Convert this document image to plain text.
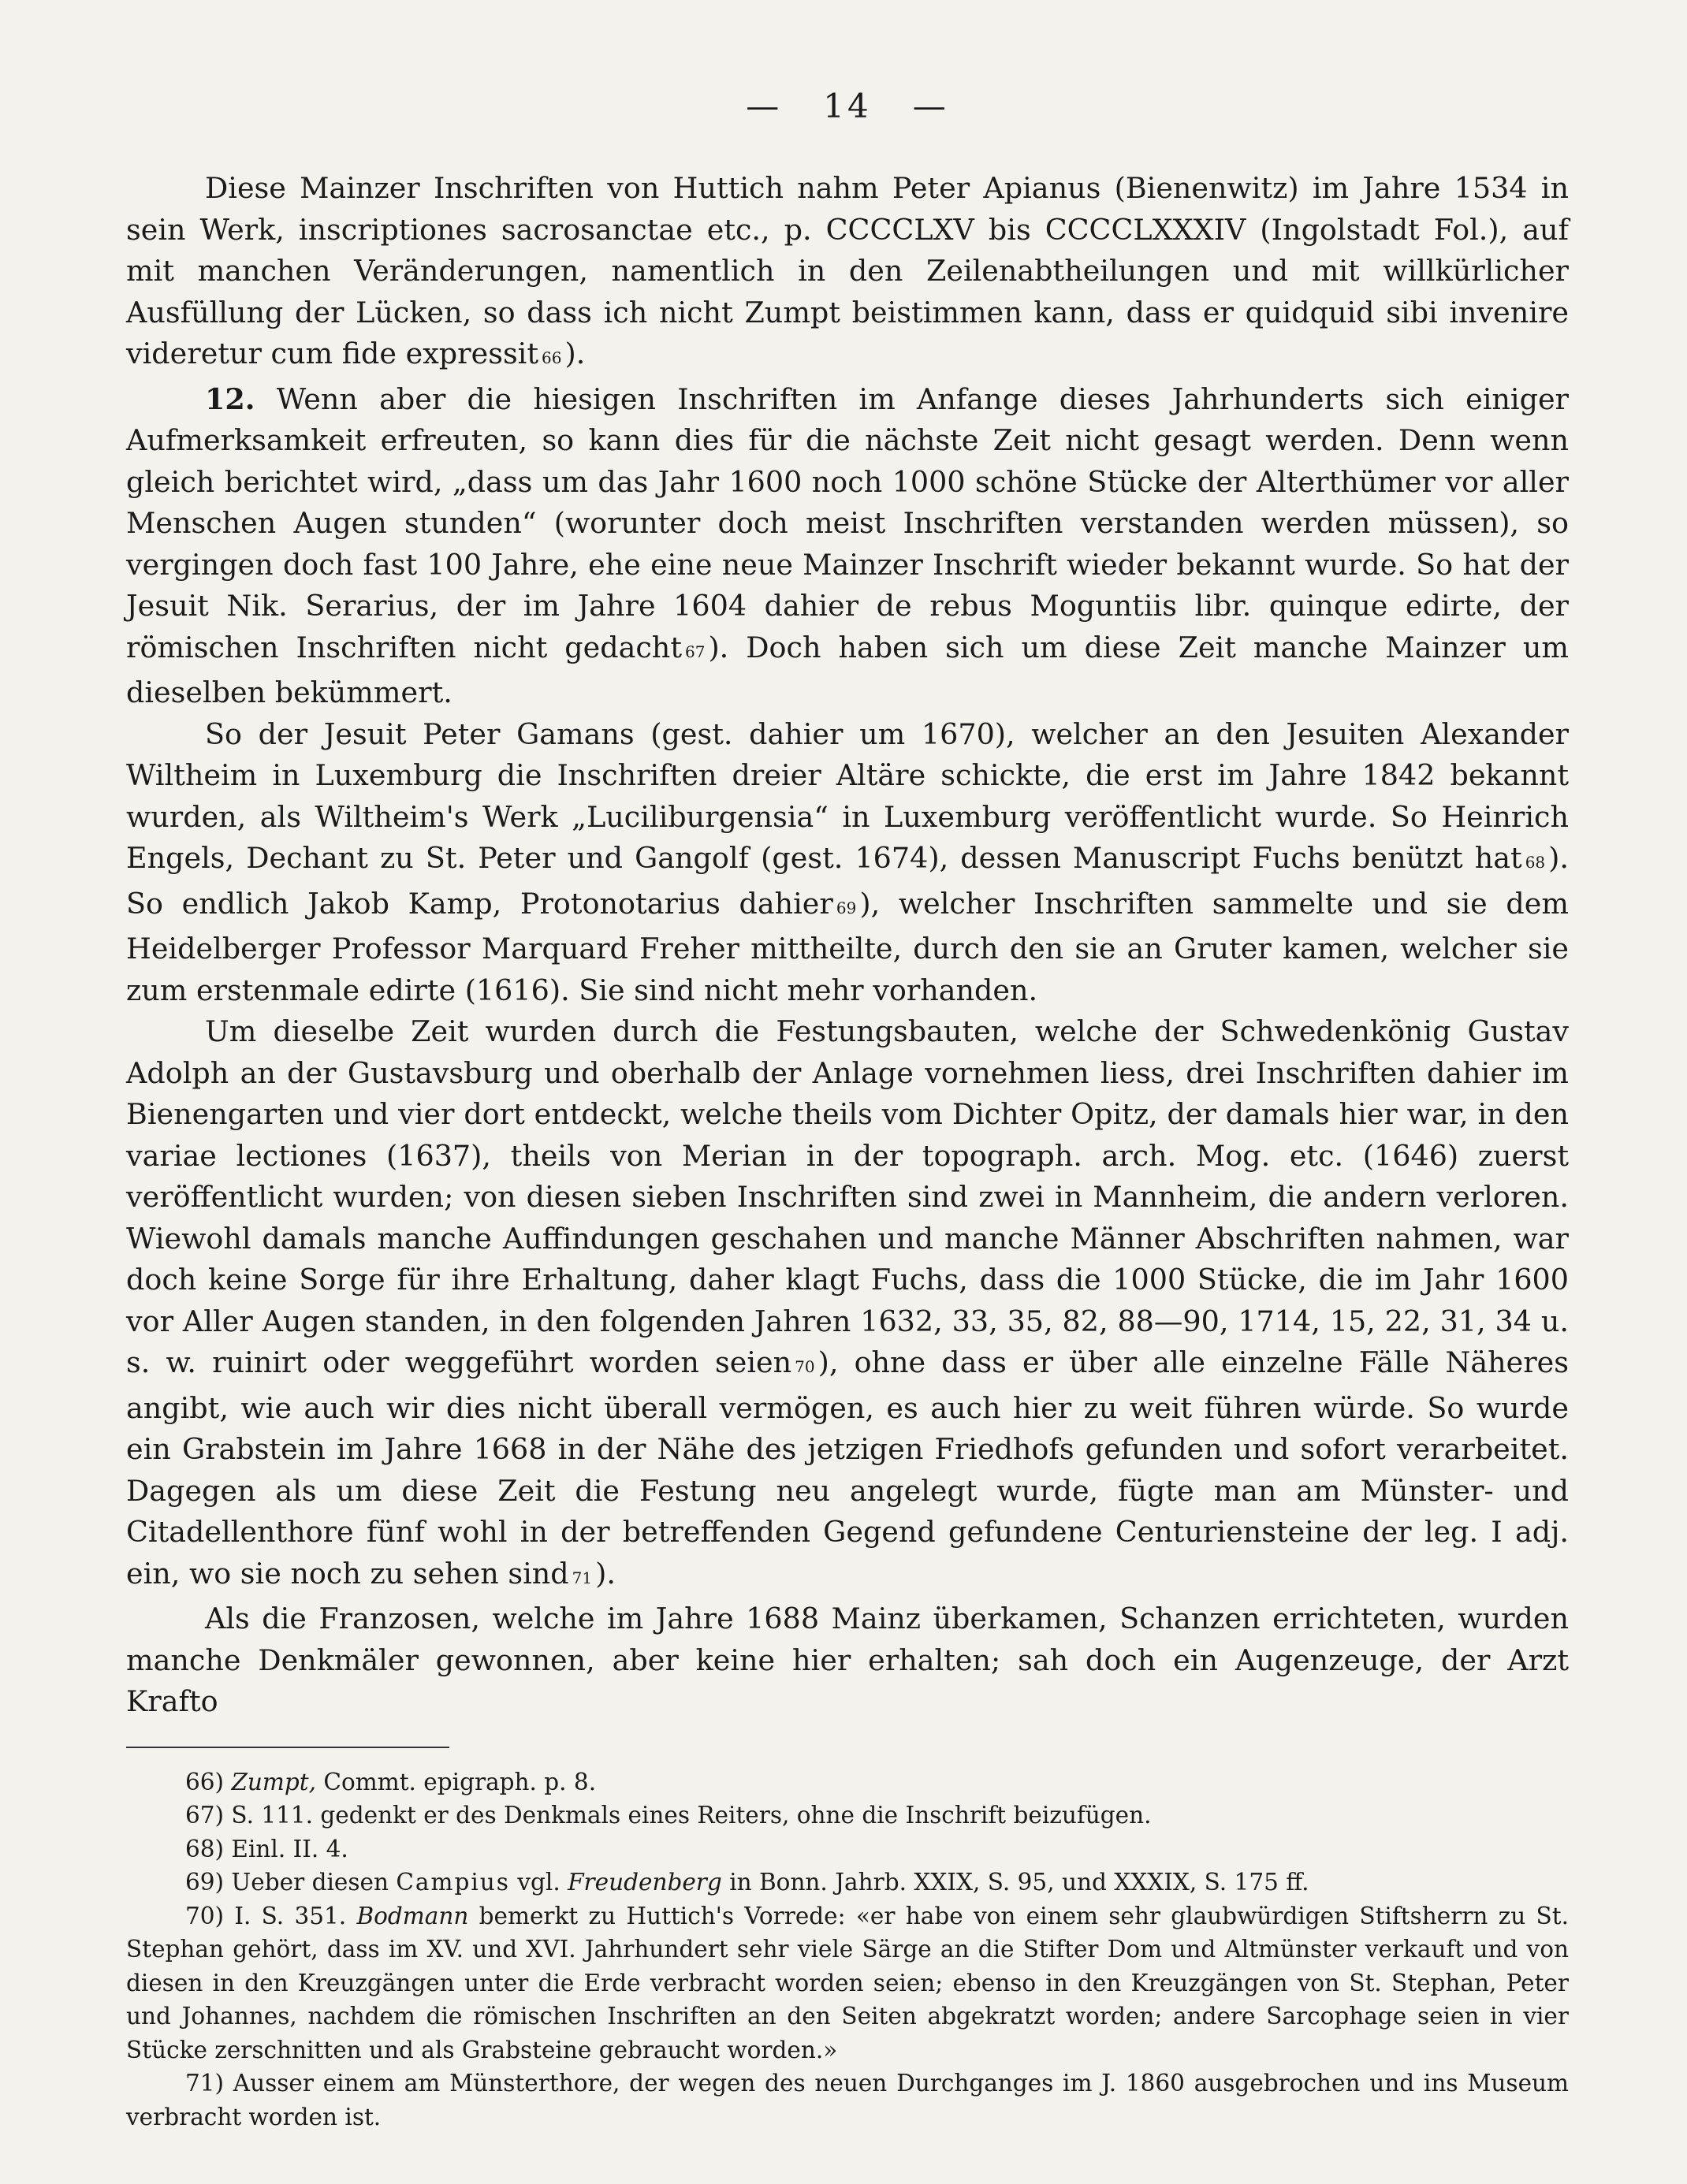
— 14 —

Diese Mainzer Inschriften von Huttich nahm Peter Apianus (Bienenwitz) im Jahre 1534 in sein Werk, inscriptiones sacrosanctae etc., p. CCCCLXV bis CCCCLXXXIV (Ingolstadt Fol.), auf mit manchen Veränderungen, namentlich in den Zeilenabtheilungen und mit willkürlicher Ausfüllung der Lücken, so dass ich nicht Zumpt beistimmen kann, dass er quidquid sibi invenire videretur cum fide expressit 66 ).

12. Wenn aber die hiesigen Inschriften im Anfange dieses Jahrhunderts sich einiger Aufmerksamkeit erfreuten, so kann dies für die nächste Zeit nicht gesagt werden. Denn wenn gleich berichtet wird, „dass um das Jahr 1600 noch 1000 schöne Stücke der Alterthümer vor aller Menschen Augen stunden“ (worunter doch meist Inschriften verstanden werden müssen), so vergingen doch fast 100 Jahre, ehe eine neue Mainzer Inschrift wieder bekannt wurde. So hat der Jesuit Nik. Serarius, der im Jahre 1604 dahier de rebus Moguntiis libr. quinque edirte, der römischen Inschriften nicht gedacht 67 ). Doch haben sich um diese Zeit manche Mainzer um dieselben bekümmert.

So der Jesuit Peter Gamans (gest. dahier um 1670), welcher an den Jesuiten Alexander Wiltheim in Luxemburg die Inschriften dreier Altäre schickte, die erst im Jahre 1842 bekannt wurden, als Wiltheim's Werk „Luciliburgensia“ in Luxemburg veröffentlicht wurde. So Heinrich Engels, Dechant zu St. Peter und Gangolf (gest. 1674), dessen Manuscript Fuchs benützt hat 68 ). So endlich Jakob Kamp, Protonotarius dahier 69 ), welcher Inschriften sammelte und sie dem Heidelberger Professor Marquard Freher mittheilte, durch den sie an Gruter kamen, welcher sie zum erstenmale edirte (1616). Sie sind nicht mehr vorhanden.

Um dieselbe Zeit wurden durch die Festungsbauten, welche der Schwedenkönig Gustav Adolph an der Gustavsburg und oberhalb der Anlage vornehmen liess, drei Inschriften dahier im Bienengarten und vier dort entdeckt, welche theils vom Dichter Opitz, der damals hier war, in den variae lectiones (1637), theils von Merian in der topograph. arch. Mog. etc. (1646) zuerst veröffentlicht wurden; von diesen sieben Inschriften sind zwei in Mannheim, die andern verloren. Wiewohl damals manche Auffindungen geschahen und manche Männer Abschriften nahmen, war doch keine Sorge für ihre Erhaltung, daher klagt Fuchs, dass die 1000 Stücke, die im Jahr 1600 vor Aller Augen standen, in den folgenden Jahren 1632, 33, 35, 82, 88—90, 1714, 15, 22, 31, 34 u. s. w. ruinirt oder weggeführt worden seien 70 ), ohne dass er über alle einzelne Fälle Näheres angibt, wie auch wir dies nicht überall vermögen, es auch hier zu weit führen würde. So wurde ein Grabstein im Jahre 1668 in der Nähe des jetzigen Friedhofs gefunden und sofort verarbeitet. Dagegen als um diese Zeit die Festung neu angelegt wurde, fügte man am Münster- und Citadellenthore fünf wohl in der betreffenden Gegend gefundene Centuriensteine der leg. I adj. ein, wo sie noch zu sehen sind 71 ).

Als die Franzosen, welche im Jahre 1688 Mainz überkamen, Schanzen errichteten, wurden manche Denkmäler gewonnen, aber keine hier erhalten; sah doch ein Augenzeuge, der Arzt Krafto

66) Zumpt, Commt. epigraph. p. 8.

67) S. 111. gedenkt er des Denkmals eines Reiters, ohne die Inschrift beizufügen.

68) Einl. II. 4.

69) Ueber diesen Campius vgl. Freudenberg in Bonn. Jahrb. XXIX, S. 95, und XXXIX, S. 175 ff.

70) I. S. 351. Bodmann bemerkt zu Huttich's Vorrede: «er habe von einem sehr glaubwürdigen Stiftsherrn zu St. Stephan gehört, dass im XV. und XVI. Jahrhundert sehr viele Särge an die Stifter Dom und Altmünster verkauft und von diesen in den Kreuzgängen unter die Erde verbracht worden seien; ebenso in den Kreuzgängen von St. Stephan, Peter und Johannes, nachdem die römischen Inschriften an den Seiten abgekratzt worden; andere Sarcophage seien in vier Stücke zerschnitten und als Grabsteine gebraucht worden.»

71) Ausser einem am Münsterthore, der wegen des neuen Durchganges im J. 1860 ausgebrochen und ins Museum verbracht worden ist.
